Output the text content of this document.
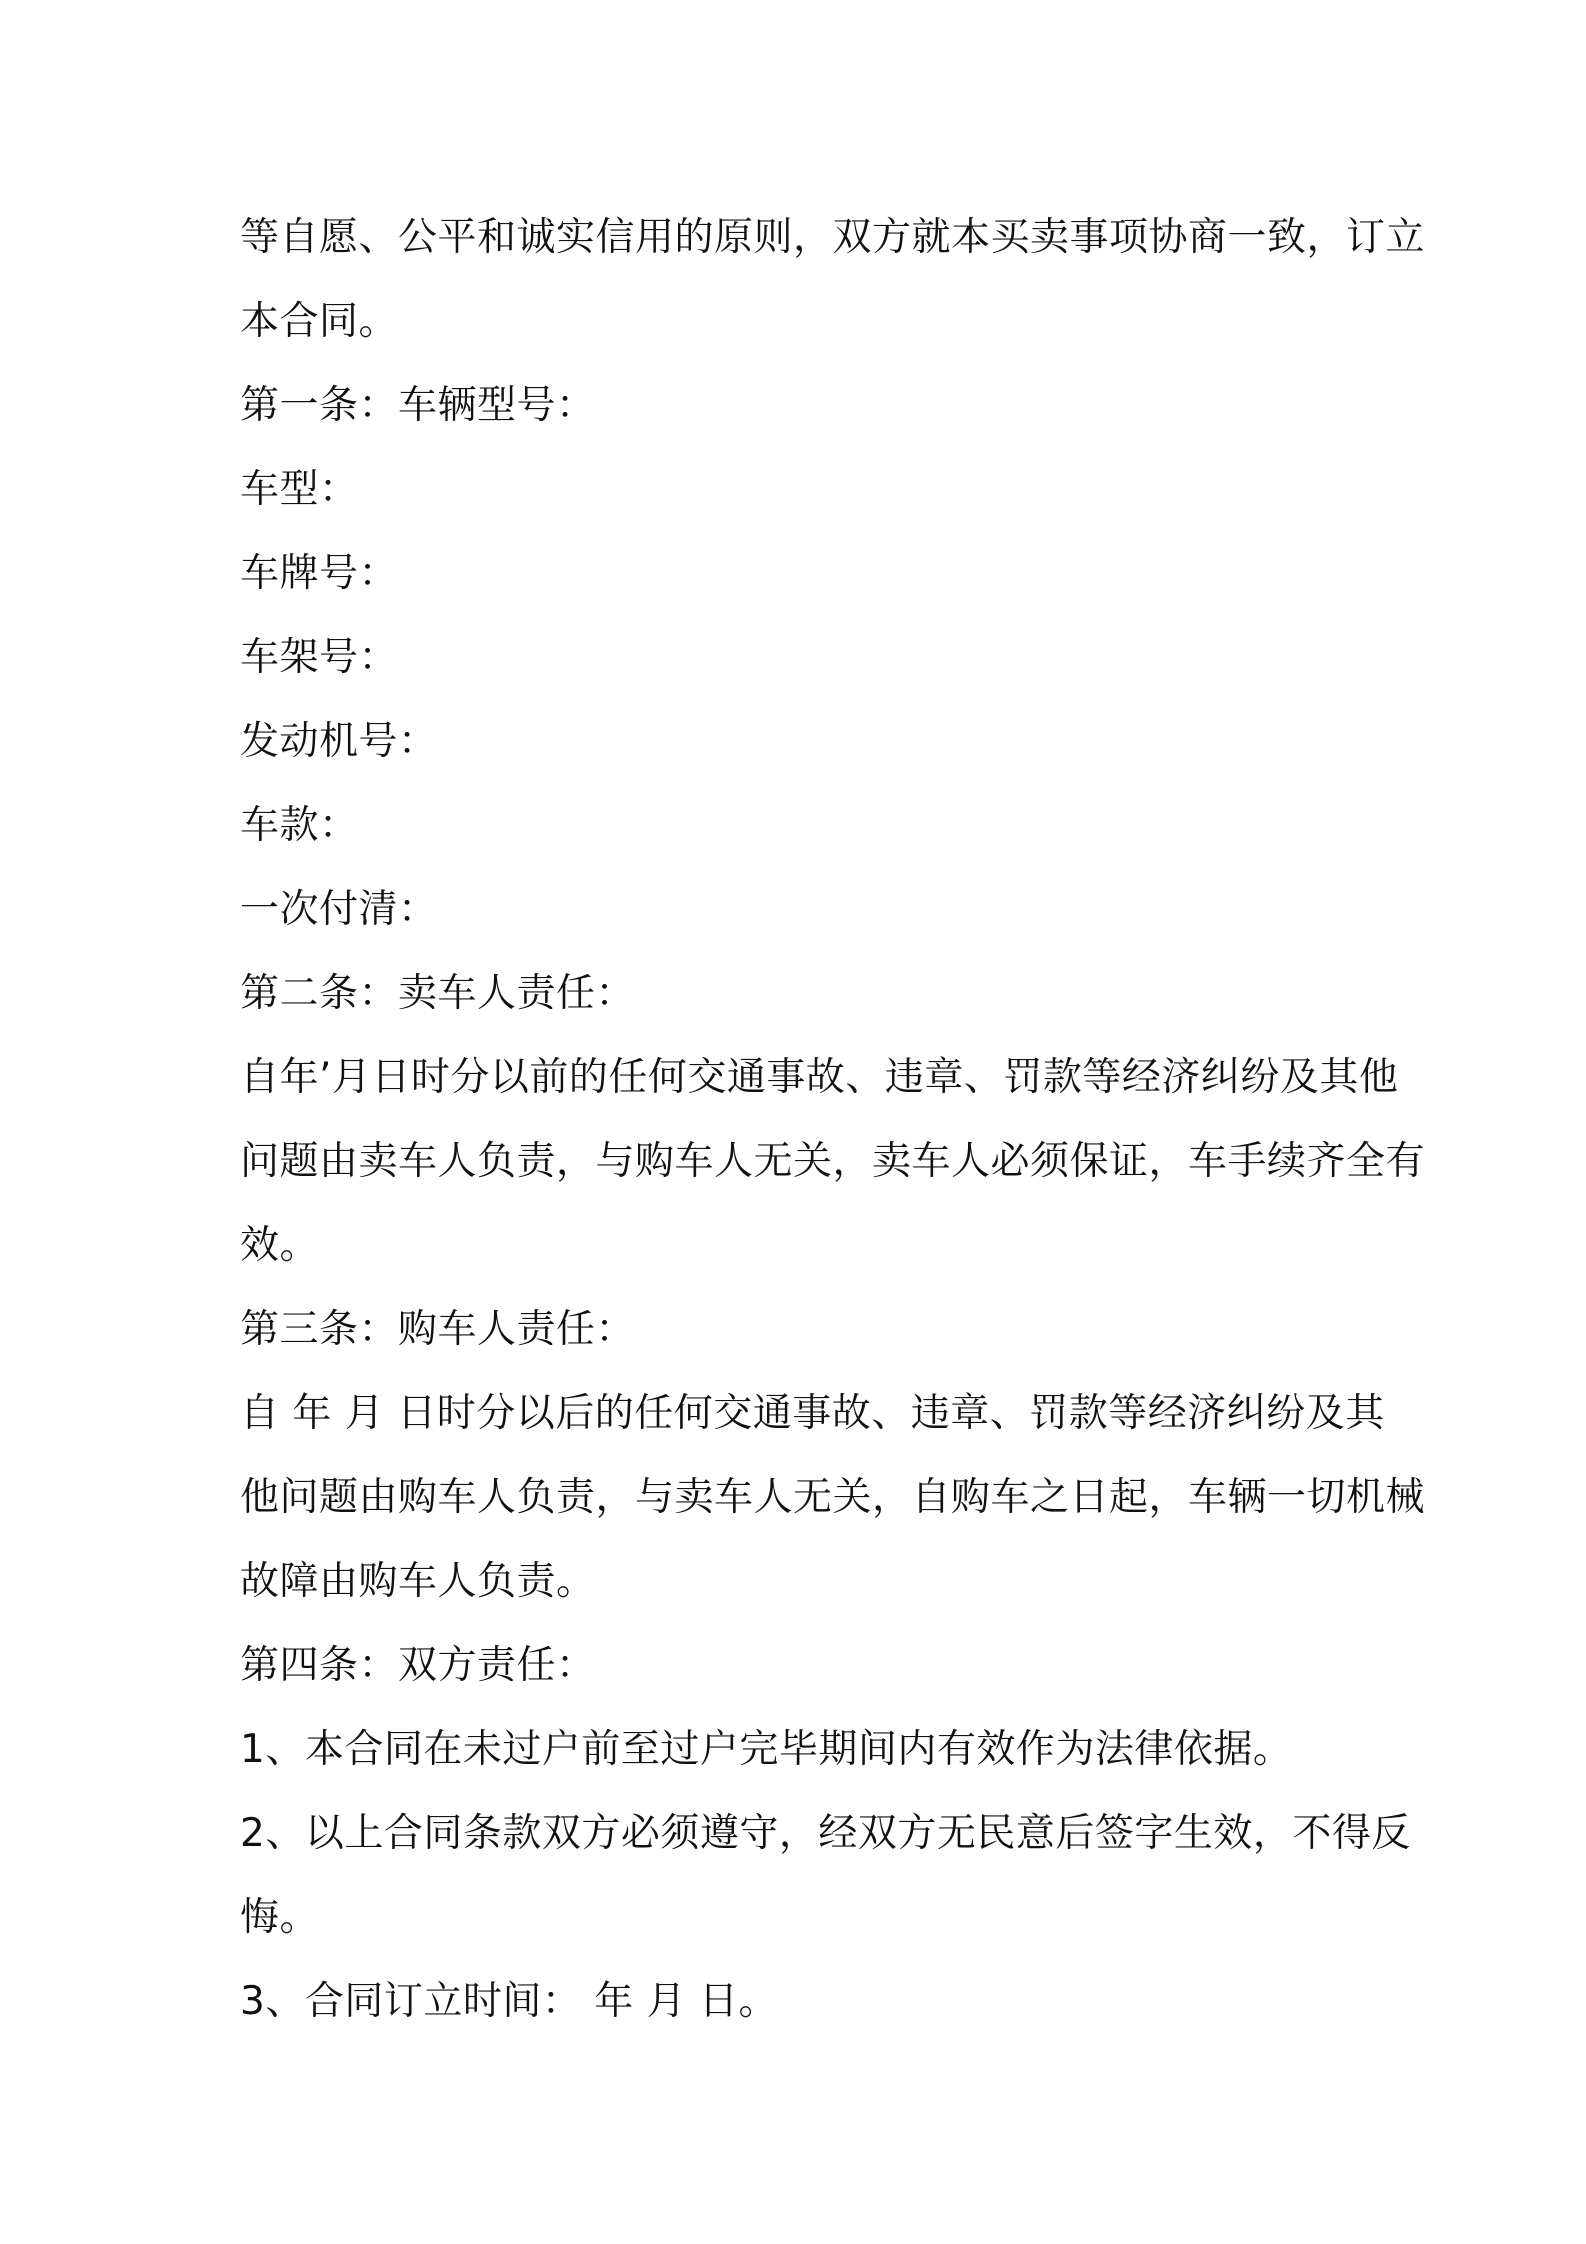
等自愿、公平和诚实信用的原则，双方就本买卖事项协商一致，订立
本合同。
第一条：车辆型号：
车型：
车牌号：
车架号：
发动机号：
车款：
一次付清：
第二条：卖车人责任：
自年’月日时分以前的任何交通事故、违章、罚款等经济纠纷及其他
问题由卖车人负责，与购车人无关，卖车人必须保证，车手续齐全有
效。
第三条：购车人责任：
自 年 月 日时分以后的任何交通事故、违章、罚款等经济纠纷及其
他问题由购车人负责，与卖车人无关，自购车之日起，车辆一切机械
故障由购车人负责。
第四条：双方责任：
1、本合同在未过户前至过户完毕期间内有效作为法律依据。
2、以上合同条款双方必须遵守，经双方无民意后签字生效，不得反
悔。
3、合同订立时间： 年 月 日。
